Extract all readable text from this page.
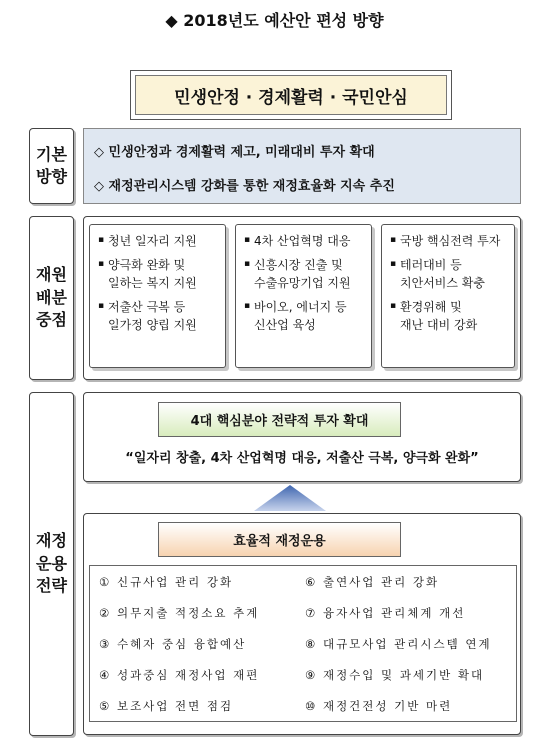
◆ 2018년도 예산안 편성 방향
민생안정 · 경제활력 · 국민안심
기본
방향
◇ 민생안정과 경제활력 제고, 미래대비 투자 확대
◇ 재정관리시스템 강화를 통한 재정효율화 지속 추진
재원
배분
중점
▪ 청년 일자리 지원
▪ 양극화 완화 및
일하는 복지 지원
▪ 저출산 극복 등
일가정 양립 지원
▪ 4차 산업혁명 대응
▪ 신흥시장 진출 및
수출유망기업 지원
▪ 바이오, 에너지 등
신산업 육성
▪ 국방 핵심전력 투자
▪ 테러대비 등
치안서비스 확충
▪ 환경위해 및
재난 대비 강화
재정
운용
전략
4대 핵심분야 전략적 투자 확대
“일자리 창출, 4차 산업혁명 대응, 저출산 극복, 양극화 완화”
효율적 재정운용
① 신규사업 관리 강화
② 의무지출 적정소요 추계
③ 수혜자 중심 융합예산
④ 성과중심 재정사업 재편
⑤ 보조사업 전면 점검
⑥ 출연사업 관리 강화
⑦ 융자사업 관리체계 개선
⑧ 대규모사업 관리시스템 연계
⑨ 재정수입 및 과세기반 확대
⑩ 재정건전성 기반 마련
